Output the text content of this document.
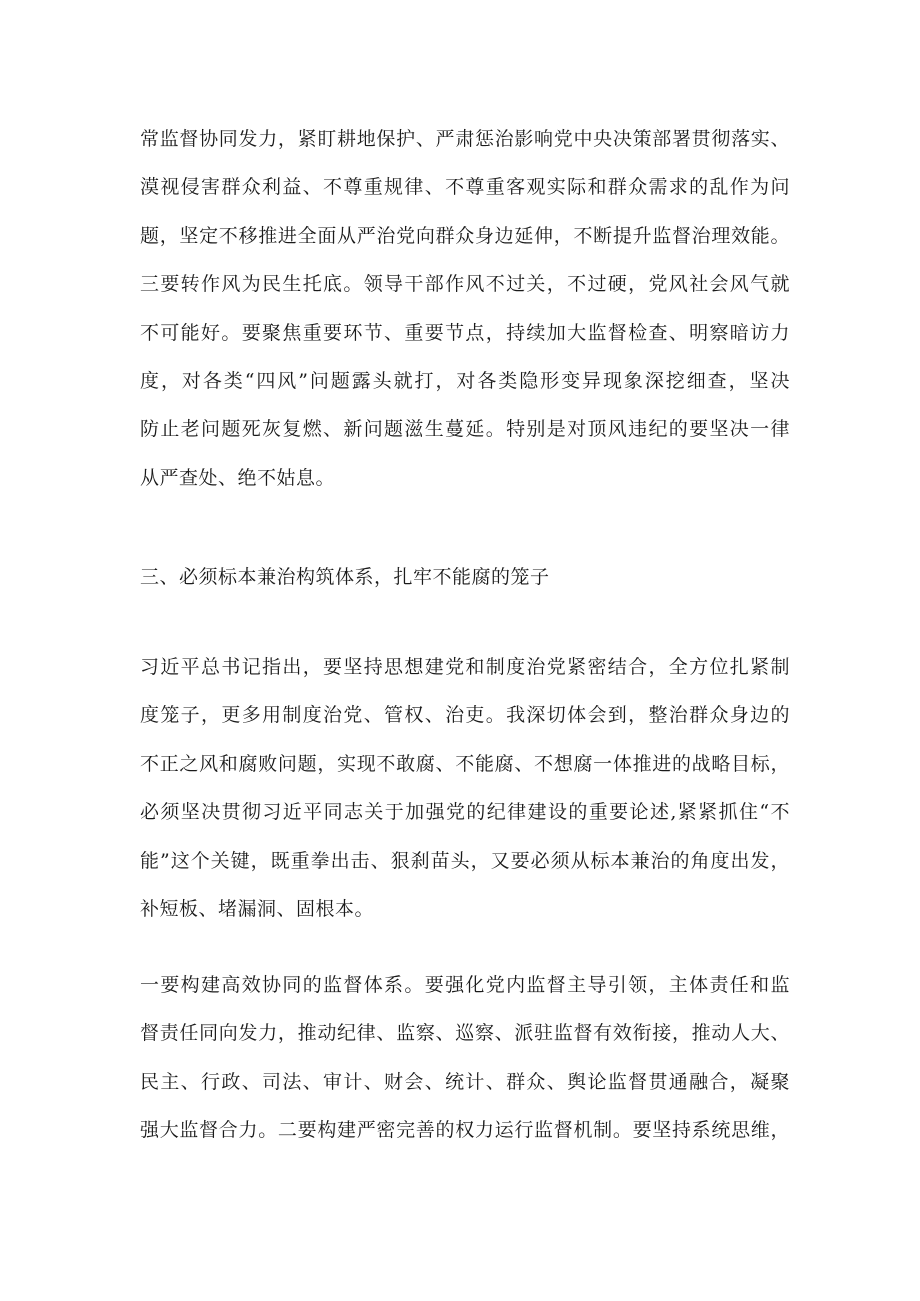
常监督协同发力，紧盯耕地保护、严肃惩治影响党中央决策部署贯彻落实、
漠视侵害群众利益、不尊重规律、不尊重客观实际和群众需求的乱作为问
题，坚定不移推进全面从严治党向群众身边延伸，不断提升监督治理效能。
三要转作风为民生托底。领导干部作风不过关，不过硬，党风社会风气就
不可能好。要聚焦重要环节、重要节点，持续加大监督检查、明察暗访力
度，对各类“四风”问题露头就打，对各类隐形变异现象深挖细查，坚决
防止老问题死灰复燃、新问题滋生蔓延。特别是对顶风违纪的要坚决一律
从严查处、绝不姑息。
三、必须标本兼治构筑体系，扎牢不能腐的笼子
习近平总书记指出，要坚持思想建党和制度治党紧密结合，全方位扎紧制
度笼子，更多用制度治党、管权、治吏。我深切体会到，整治群众身边的
不正之风和腐败问题，实现不敢腐、不能腐、不想腐一体推进的战略目标，
必须坚决贯彻习近平同志关于加强党的纪律建设的重要论述,紧紧抓住“不
能”这个关键，既重拳出击、狠刹苗头，又要必须从标本兼治的角度出发，
补短板、堵漏洞、固根本。
一要构建高效协同的监督体系。要强化党内监督主导引领，主体责任和监
督责任同向发力，推动纪律、监察、巡察、派驻监督有效衔接，推动人大、
民主、行政、司法、审计、财会、统计、群众、舆论监督贯通融合，凝聚
强大监督合力。二要构建严密完善的权力运行监督机制。要坚持系统思维，
